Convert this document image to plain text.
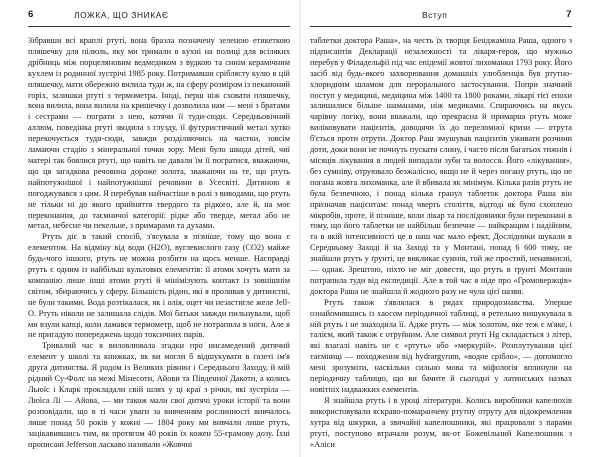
6	ЛОЖКА, ЩО ЗНИКАЄ

Зібравши всі краплі ртуті, вона бразла позначену зеленою етикеткою пляшечку для пілюль, яку ми тримали в кухні на полиці для всіляких дрібниць між порцеляновим ведмедиком з вудкою та синім керамічним кухлем із родинної зустрічі 1985 року. Потримавши сріблясту кулю в цій пляшечку, мати обережно вилила туди ж, на сферу розміром із пеканоний горіх, залишки ртуті з термометра. Іноді, перш ніж сховати пляшечку, вона вилила, вона вилила на кришечку і дозволила нам — мені з братами і сестрами — пограти з нею, котячи її туди-сюди. Середньовічний аллюм, поведінка ртуті зводила з глузду, її футуристичний метал хутко перекочується туди-сюди, завжди розділяючись на частки, зовсім ламаючи стадію з мінеральної точки зору. Мені було шкода дітей, чиї матері так боялися ртуті, що навіть не давали їм її погратися, вважаючи, що ця загадкова речовина дороже золота, зважаючи на те, що ртуть найпотужнішої і найпотужнішої речовини в Усесвіті. Дитиною я погоджувався з цим. Я перебував найчастіше в ролі з виводами, що ртуть не тільки ні до якого прийняття твердого та рідкого, але й, на моє переконання, до таємничої категорії: рідке або тверде, метал або не метал, небесне чи пекельне, з примарами та духами.

Ртуть діє в такий спосіб, з'ясувала я пізніше, тому що вона є елементом. На відміну від води (H2O), вуглекислого газу (CO2) майже будь-чого іншого, ртуть не можна розбити на щось менше. Насправді ртуть є одним із найбільш культових елементів: її атоми хочуть мати за компанію лише інші атоми ртуті й мінімізують контакт із зовнішнім світом, збираючись у сферу. Більшість рідин, які я проливав у дитинстві, не були такими. Вода розтікалася, як і олія, оцет чи незастигле желе Jell-O. Ртуть ніколи не залишала слідів. Мої батьки завжди пильнували, щоб ми взули капці, коли ламався термометр, щоб не потрапила в ноги. Але я не пригадую попереджень щодо токсичних парів.

Тривалий час я виловлювала згадки про нисамедений дитячий елемент у школі та книжках, як ви могли б відшукувати в газеті ім'я друга дитинства. Я родом із Великих рівнин і Середнього Заходу, й мій рідний Су-Фолс на межі Мінесоти, Айови та Південної Дакоти, а колись Льюїс і Кларк прокладали свій шлях у ці краї з річки, які зустріла — Люїса Лі — Айова, — ми також мали свої дитячі уроки історії та вони розповідали, що в ті часи уваги за вивченням рослинності вивчалось лише понад 50 років у кожні — 1804 року ми вивчали лише ртуть, зацікавившись тим, як протягом 40 років їх кожен 55-грамову дозу. Їхні прописані Jefferson ласкаво називали «Жовчні

Вступ	7

таблетки доктора Раша», на честь їх творця Бенджаміна Раша, одного з підписантів Декларації незалежності та лікаря-героя, що мужньо перебув у Філадельфії під час епідемії жовтої лихоманки 1793 року. Його засіб від будь-якого захворювання домашніх улюбленців був ртутно-хлоридним шламом для перорального застосування. Попри значний поступ у медицині, медицина між 1400 та 1800 роками, лікарі тієї епохи залишалися більше шаманами, ніж медиками. Спираючись на якусь чарівну логіку, вони вважали, що прекрасна й примарна ртуть може виліковувати пацієнтів, доводячи їх до переломної кризи — отрута б'ється проти отрути. Доктор Раш змушував пацієнтів уживати розчини доти, доки вони не почнуть пускати слину, і часто після багатьох тижнів і місяців лікування в людей випадали зуби та волосся. Його «лікування», без сумніву, отруювало безжалісно, якщо не й через погану ртуть, що не погана жовта лихоманка, але й вбивала як мінімум. Кілька разів ртуть не була безпечною, і понад кілька гранул таблеток доктора Раша він призначав пацієнтам: понад чверть століття, відтоді як було схоплено мікробів, проте, й пізніше, коли лікар та послідовники були переконані в тому, що його таблетки не найбільш безпечне — найкращим і надійним, та в якій інтенсивності це в наш час мало ефект, Дослідники шукали в Середньому Заході й на Заході та у Монтані, понад 6 600 тому, не знайшли ртуть у ґрунті, це викликає сумнів, той же простий, ненавмисні, — однак. Зрештою, ніхто не міг довести, що ртуть в ґрунті Монтани потрапила туди від експедиції. Але в той час я ніде про «Громовержців» доктора Раша не знайшла й жодного разу не чула цієї назви.

Ртуть також з'являлася в рядах природознавства. Уперше ознайомившись із хаосом періодичної таблиці, я ретельно вишукувала в ній ртуть і не знаходила її. Адже ртуть — між золотом, яке теж є м'яке, і талієм, який також є отруйним. Але символ ртуті Hg складається з літер, які взагалі навіть не є «ртуть» або «меркурій». Розплутування цієї таємниці — походження від hydrargyrum, «водне срібло», — допомогло мені зрозуміти, наскільки сильно мова та міфологія вплинули на періодичну таблицю, що ви бачите й сьогодні у латинських назвах новітніх надважких елементів.

Я знайшла ртуть і в уроці літератури. Колись виробники капелюхів використовували яскраво-помаранчеву ртутну отруту для відокремлення хутра від шкурки, а звичайні капелюшники, які працювали з парами ртуті, поступово втрачали розум, як-от Божевільний Капелюшник з «Аліси
